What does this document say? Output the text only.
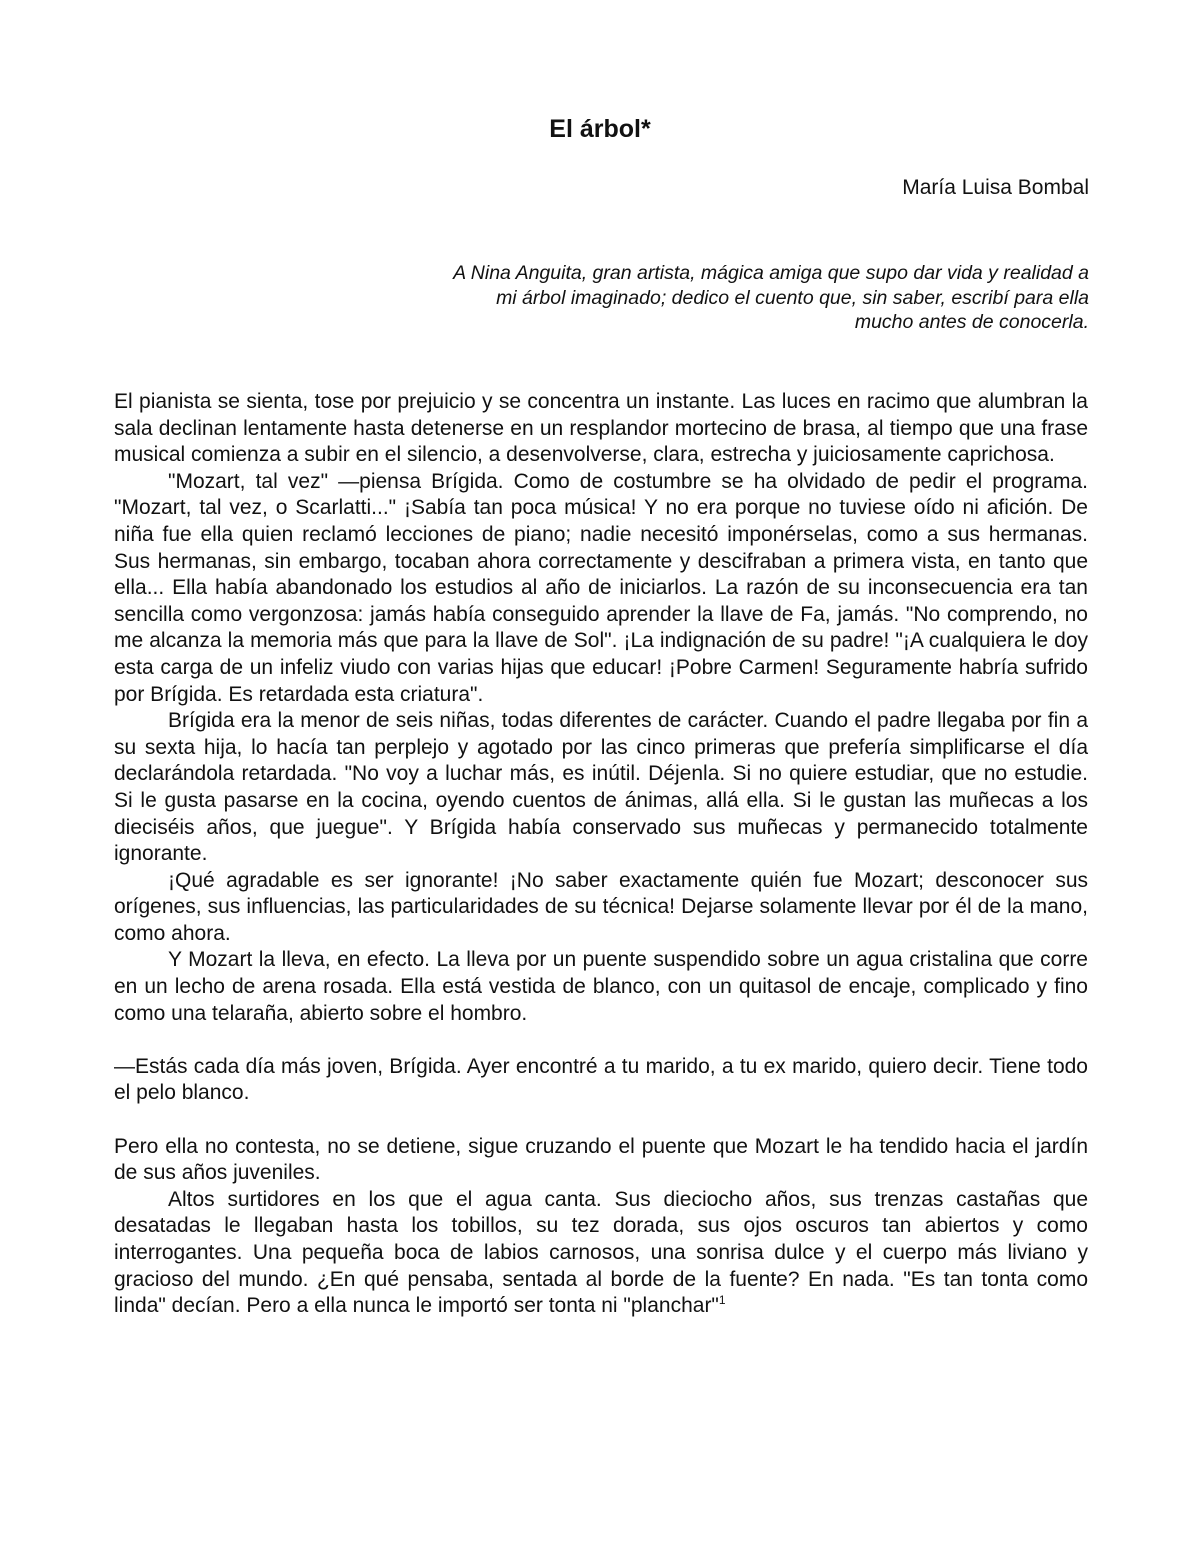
El árbol*

María Luisa Bombal

A Nina Anguita, gran artista, mágica amiga que supo dar vida y realidad a mi árbol imaginado; dedico el cuento que, sin saber, escribí para ella mucho antes de conocerla.

El pianista se sienta, tose por prejuicio y se concentra un instante. Las luces en racimo que alumbran la sala declinan lentamente hasta detenerse en un resplandor mortecino de brasa, al tiempo que una frase musical comienza a subir en el silencio, a desenvolverse, clara, estrecha y juiciosamente caprichosa.

"Mozart, tal vez" —piensa Brígida. Como de costumbre se ha olvidado de pedir el programa. "Mozart, tal vez, o Scarlatti..." ¡Sabía tan poca música! Y no era porque no tuviese oído ni afición. De niña fue ella quien reclamó lecciones de piano; nadie necesitó imponérselas, como a sus hermanas. Sus hermanas, sin embargo, tocaban ahora correctamente y descifraban a primera vista, en tanto que ella... Ella había abandonado los estudios al año de iniciarlos. La razón de su inconsecuencia era tan sencilla como vergonzosa: jamás había conseguido aprender la llave de Fa, jamás. "No comprendo, no me alcanza la memoria más que para la llave de Sol". ¡La indignación de su padre! "¡A cualquiera le doy esta carga de un infeliz viudo con varias hijas que educar! ¡Pobre Carmen! Seguramente habría sufrido por Brígida. Es retardada esta criatura".

Brígida era la menor de seis niñas, todas diferentes de carácter. Cuando el padre llegaba por fin a su sexta hija, lo hacía tan perplejo y agotado por las cinco primeras que prefería simplificarse el día declarándola retardada. "No voy a luchar más, es inútil. Déjenla. Si no quiere estudiar, que no estudie. Si le gusta pasarse en la cocina, oyendo cuentos de ánimas, allá ella. Si le gustan las muñecas a los dieciséis años, que juegue". Y Brígida había conservado sus muñecas y permanecido totalmente ignorante.

¡Qué agradable es ser ignorante! ¡No saber exactamente quién fue Mozart; desconocer sus orígenes, sus influencias, las particularidades de su técnica! Dejarse solamente llevar por él de la mano, como ahora.

Y Mozart la lleva, en efecto. La lleva por un puente suspendido sobre un agua cristalina que corre en un lecho de arena rosada. Ella está vestida de blanco, con un quitasol de encaje, complicado y fino como una telaraña, abierto sobre el hombro.

—Estás cada día más joven, Brígida. Ayer encontré a tu marido, a tu ex marido, quiero decir. Tiene todo el pelo blanco.

Pero ella no contesta, no se detiene, sigue cruzando el puente que Mozart le ha tendido hacia el jardín de sus años juveniles.

Altos surtidores en los que el agua canta. Sus dieciocho años, sus trenzas castañas que desatadas le llegaban hasta los tobillos, su tez dorada, sus ojos oscuros tan abiertos y como interrogantes. Una pequeña boca de labios carnosos, una sonrisa dulce y el cuerpo más liviano y gracioso del mundo. ¿En qué pensaba, sentada al borde de la fuente? En nada. "Es tan tonta como linda" decían. Pero a ella nunca le importó ser tonta ni "planchar"$^1$
